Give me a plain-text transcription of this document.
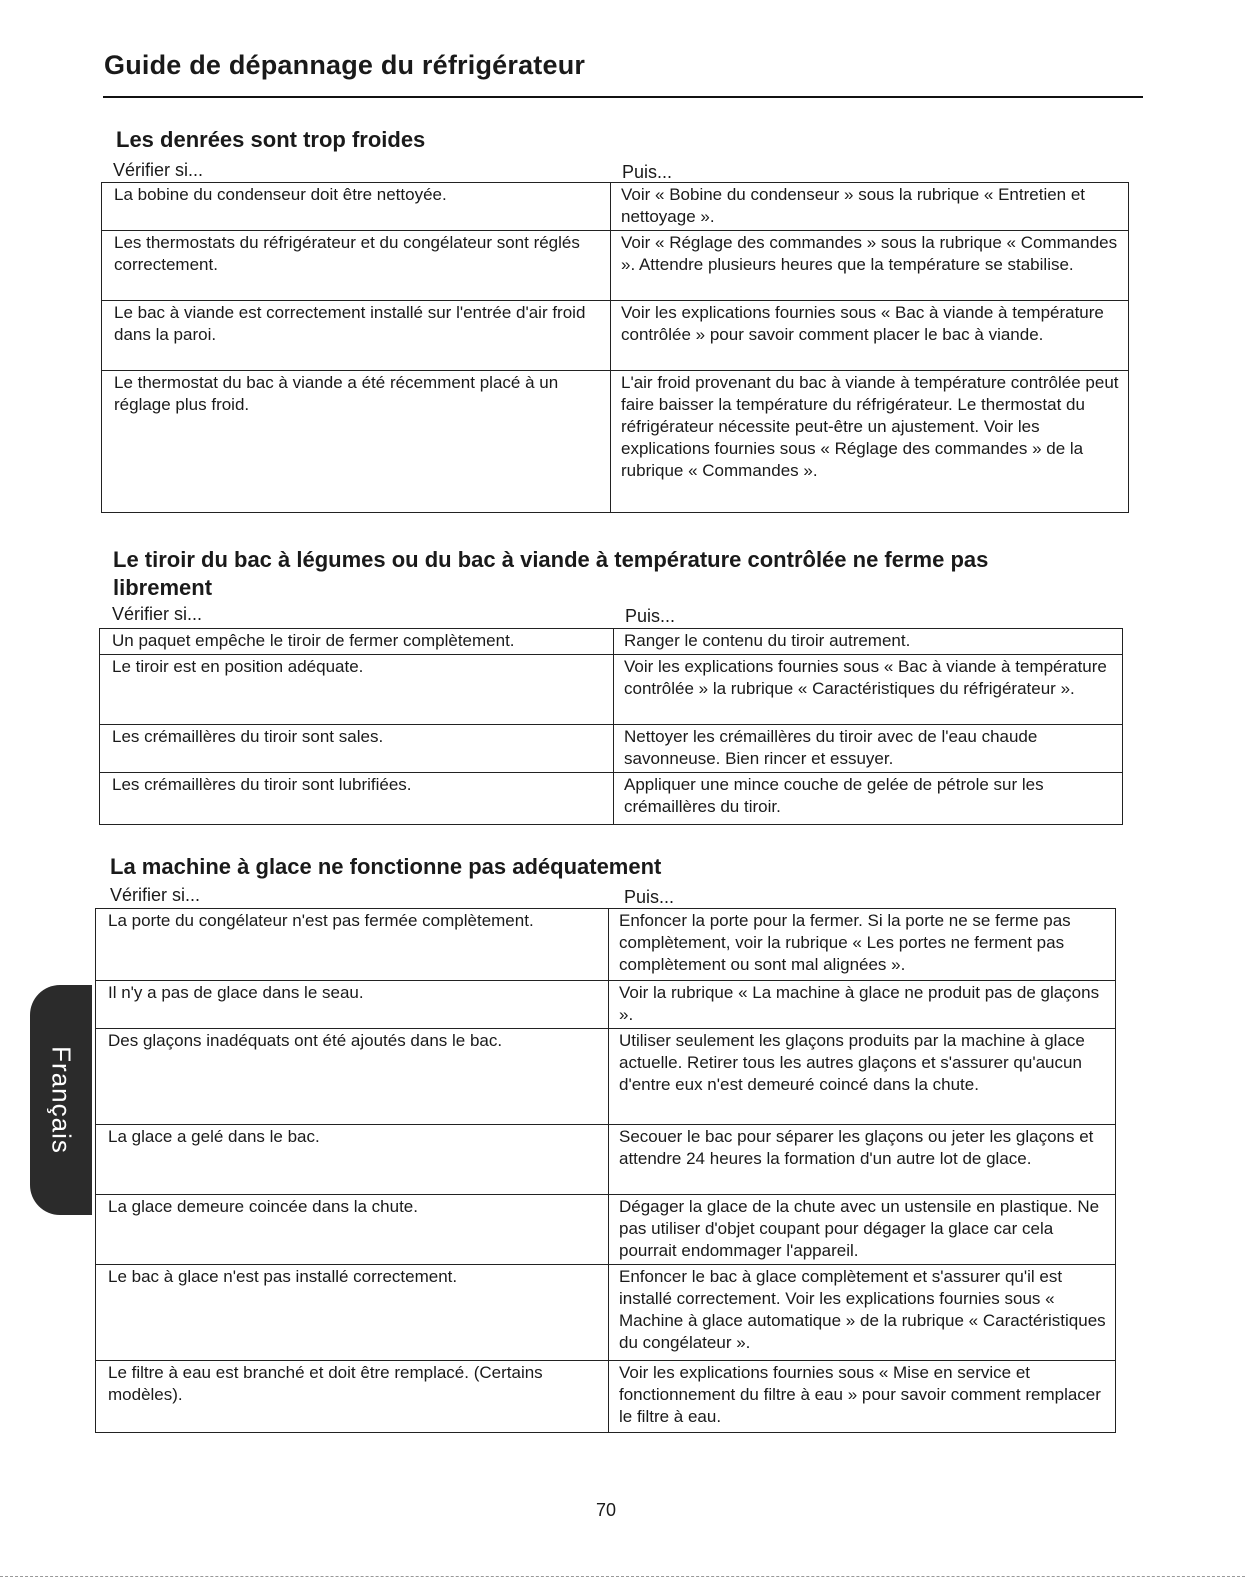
Guide de dépannage du réfrigérateur
Les denrées sont trop froides
Vérifier si...	Puis...
La bobine du condenseur doit être nettoyée.	Voir « Bobine du condenseur » sous la rubrique « Entretien et nettoyage ».
Les thermostats du réfrigérateur et du congélateur sont réglés correctement.	Voir « Réglage des commandes » sous la rubrique « Commandes ». Attendre plusieurs heures que la température se stabilise.
Le bac à viande est correctement installé sur l'entrée d'air froid dans la paroi.	Voir les explications fournies sous « Bac à viande à température contrôlée » pour savoir comment placer le bac à viande.
Le thermostat du bac à viande a été récemment placé à un réglage plus froid.	L'air froid provenant du bac à viande à température contrôlée peut faire baisser la température du réfrigérateur. Le thermostat du réfrigérateur nécessite peut-être un ajustement. Voir les explications fournies sous « Réglage des commandes » de la rubrique « Commandes ».
Le tiroir du bac à légumes ou du bac à viande à température contrôlée ne ferme pas librement
Vérifier si...	Puis...
Un paquet empêche le tiroir de fermer complètement.	Ranger le contenu du tiroir autrement.
Le tiroir est en position adéquate.	Voir les explications fournies sous « Bac à viande à température contrôlée » la rubrique « Caractéristiques du réfrigérateur ».
Les crémaillères du tiroir sont sales.	Nettoyer les crémaillères du tiroir avec de l'eau chaude savonneuse. Bien rincer et essuyer.
Les crémaillères du tiroir sont lubrifiées.	Appliquer une mince couche de gelée de pétrole sur les crémaillères du tiroir.
La machine à glace ne fonctionne pas adéquatement
Vérifier si...	Puis...
La porte du congélateur n'est pas fermée complètement.	Enfoncer la porte pour la fermer. Si la porte ne se ferme pas complètement, voir la rubrique « Les portes ne ferment pas complètement ou sont mal alignées ».
Il n'y a pas de glace dans le seau.	Voir la rubrique « La machine à glace ne produit pas de glaçons ».
Des glaçons inadéquats ont été ajoutés dans le bac.	Utiliser seulement les glaçons produits par la machine à glace actuelle. Retirer tous les autres glaçons et s'assurer qu'aucun d'entre eux n'est demeuré coincé dans la chute.
La glace a gelé dans le bac.	Secouer le bac pour séparer les glaçons ou jeter les glaçons et attendre 24 heures la formation d'un autre lot de glace.
La glace demeure coincée dans la chute.	Dégager la glace de la chute avec un ustensile en plastique. Ne pas utiliser d'objet coupant pour dégager la glace car cela pourrait endommager l'appareil.
Le bac à glace n'est pas installé correctement.	Enfoncer le bac à glace complètement et s'assurer qu'il est installé correctement. Voir les explications fournies sous « Machine à glace automatique » de la rubrique « Caractéristiques du congélateur ».
Le filtre à eau est branché et doit être remplacé. (Certains modèles).	Voir les explications fournies sous « Mise en service et fonctionnement du filtre à eau » pour savoir comment remplacer le filtre à eau.
Français
70
